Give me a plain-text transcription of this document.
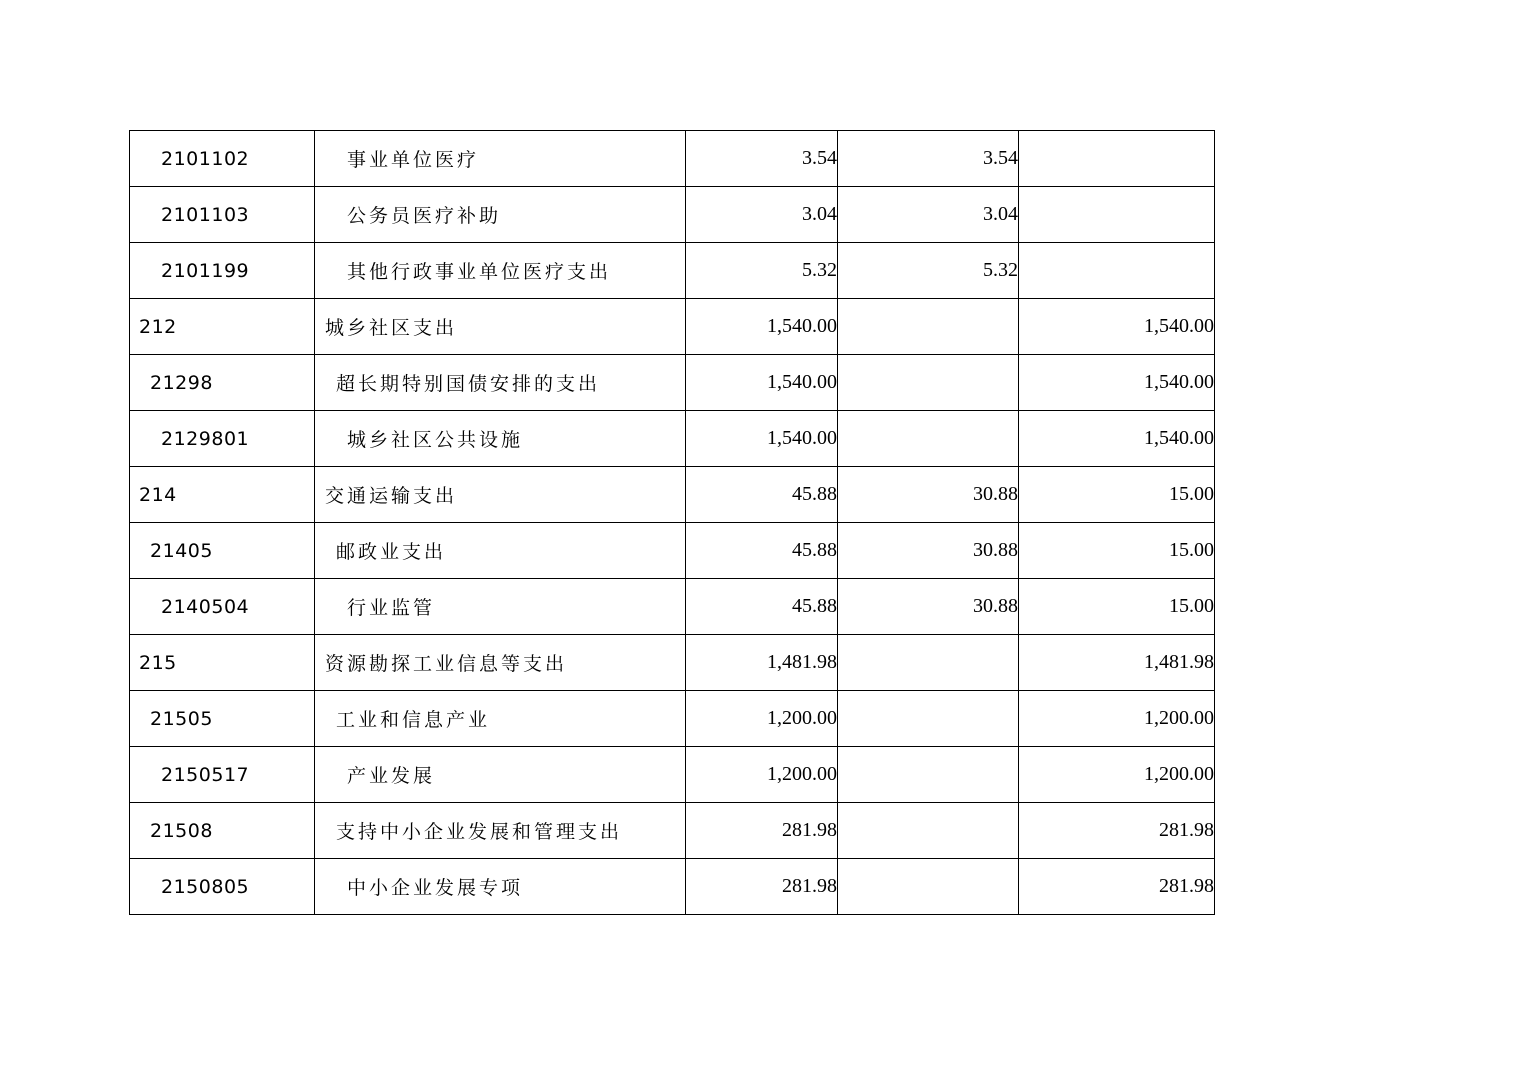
2101102	事业单位医疗	3.54	3.54	
2101103	公务员医疗补助	3.04	3.04	
2101199	其他行政事业单位医疗支出	5.32	5.32	
212	城乡社区支出	1,540.00		1,540.00
21298	超长期特别国债安排的支出	1,540.00		1,540.00
2129801	城乡社区公共设施	1,540.00		1,540.00
214	交通运输支出	45.88	30.88	15.00
21405	邮政业支出	45.88	30.88	15.00
2140504	行业监管	45.88	30.88	15.00
215	资源勘探工业信息等支出	1,481.98		1,481.98
21505	工业和信息产业	1,200.00		1,200.00
2150517	产业发展	1,200.00		1,200.00
21508	支持中小企业发展和管理支出	281.98		281.98
2150805	中小企业发展专项	281.98		281.98
